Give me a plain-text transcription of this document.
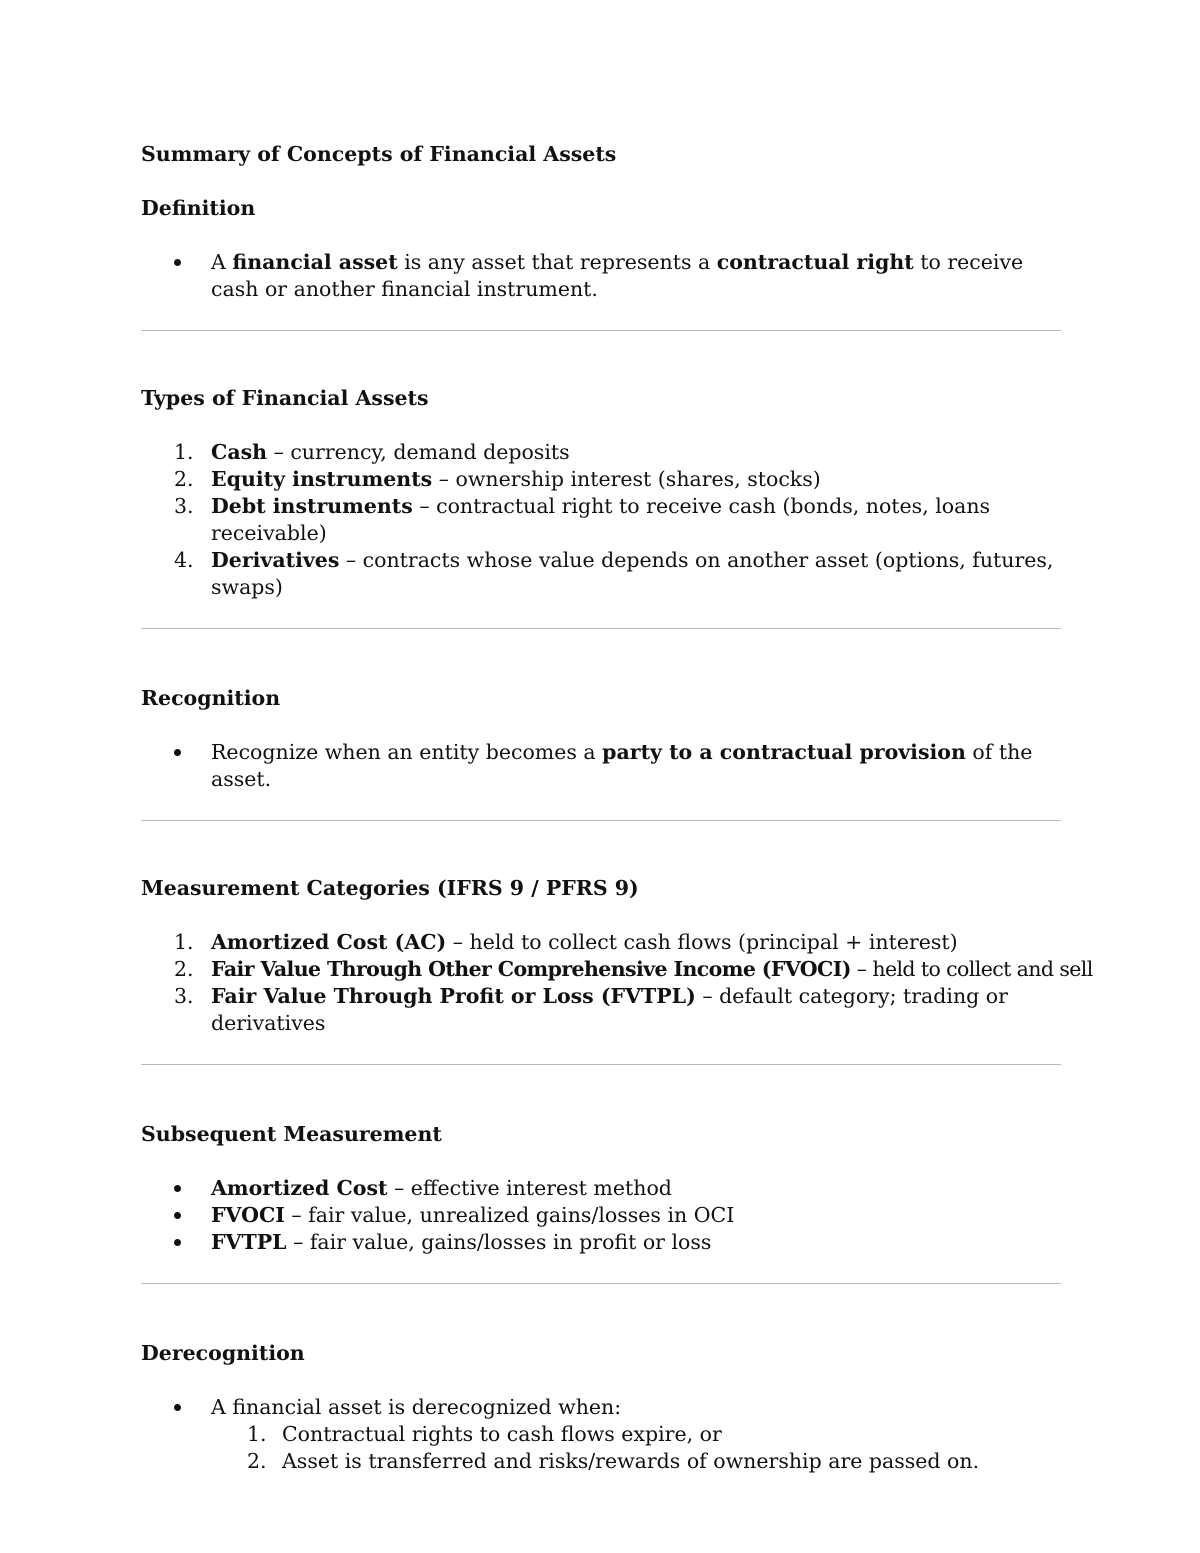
Summary of Concepts of Financial Assets

Definition

A financial asset is any asset that represents a contractual right to receive cash or another financial instrument.

Types of Financial Assets

1. Cash – currency, demand deposits
2. Equity instruments – ownership interest (shares, stocks)
3. Debt instruments – contractual right to receive cash (bonds, notes, loans receivable)
4. Derivatives – contracts whose value depends on another asset (options, futures, swaps)

Recognition

Recognize when an entity becomes a party to a contractual provision of the asset.

Measurement Categories (IFRS 9 / PFRS 9)

1. Amortized Cost (AC) – held to collect cash flows (principal + interest)
2. Fair Value Through Other Comprehensive Income (FVOCI) – held to collect and sell
3. Fair Value Through Profit or Loss (FVTPL) – default category; trading or derivatives

Subsequent Measurement

Amortized Cost – effective interest method
FVOCI – fair value, unrealized gains/losses in OCI
FVTPL – fair value, gains/losses in profit or loss

Derecognition

A financial asset is derecognized when:
1. Contractual rights to cash flows expire, or
2. Asset is transferred and risks/rewards of ownership are passed on.
